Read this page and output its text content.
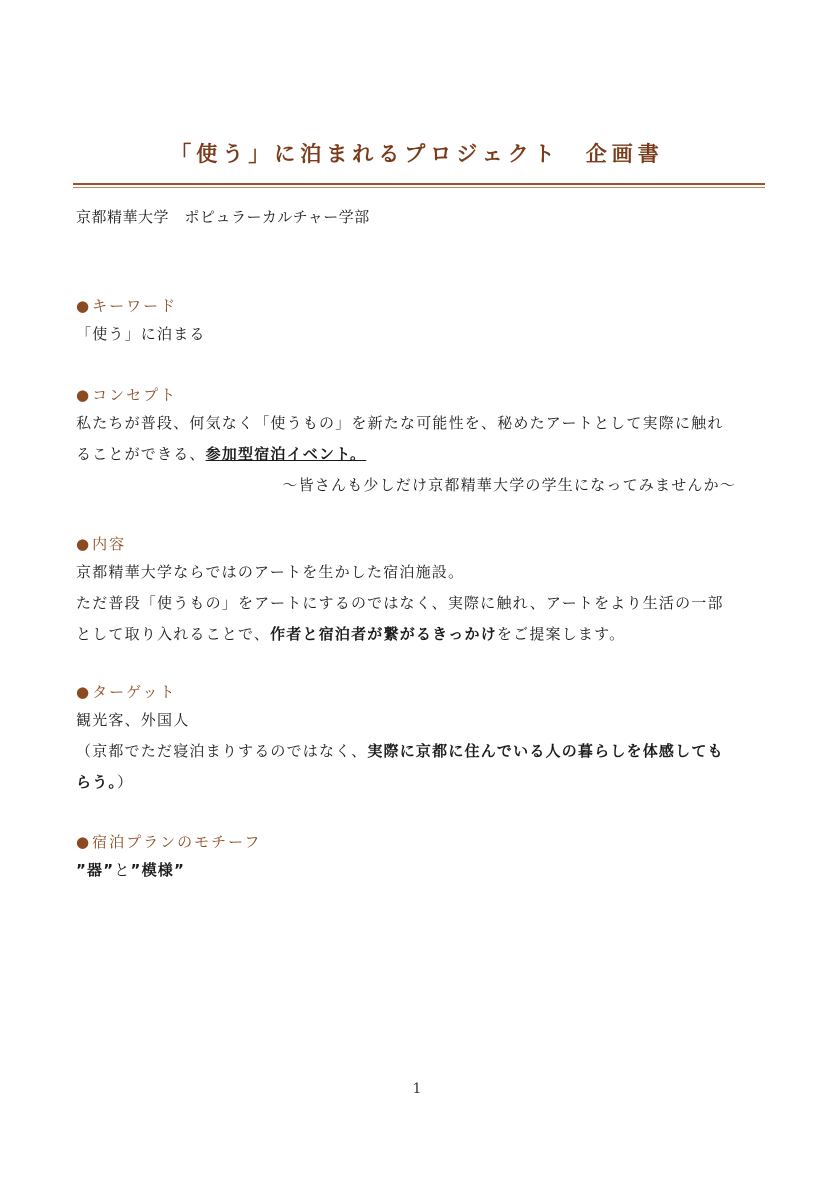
「使う」に泊まれるプロジェクト　企画書
京都精華大学　ポピュラーカルチャー学部
●キーワード
「使う」に泊まる
●コンセプト
私たちが普段、何気なく「使うもの」を新たな可能性を、秘めたアートとして実際に触れ
ることができる、参加型宿泊イベント。
～皆さんも少しだけ京都精華大学の学生になってみませんか～
●内容
京都精華大学ならではのアートを生かした宿泊施設。
ただ普段「使うもの」をアートにするのではなく、実際に触れ、アートをより生活の一部
として取り入れることで、作者と宿泊者が繋がるきっかけをご提案します。
●ターゲット
観光客、外国人
（京都でただ寝泊まりするのではなく、実際に京都に住んでいる人の暮らしを体感しても
らう。）
●宿泊プランのモチーフ
”器”と”模様”
1
